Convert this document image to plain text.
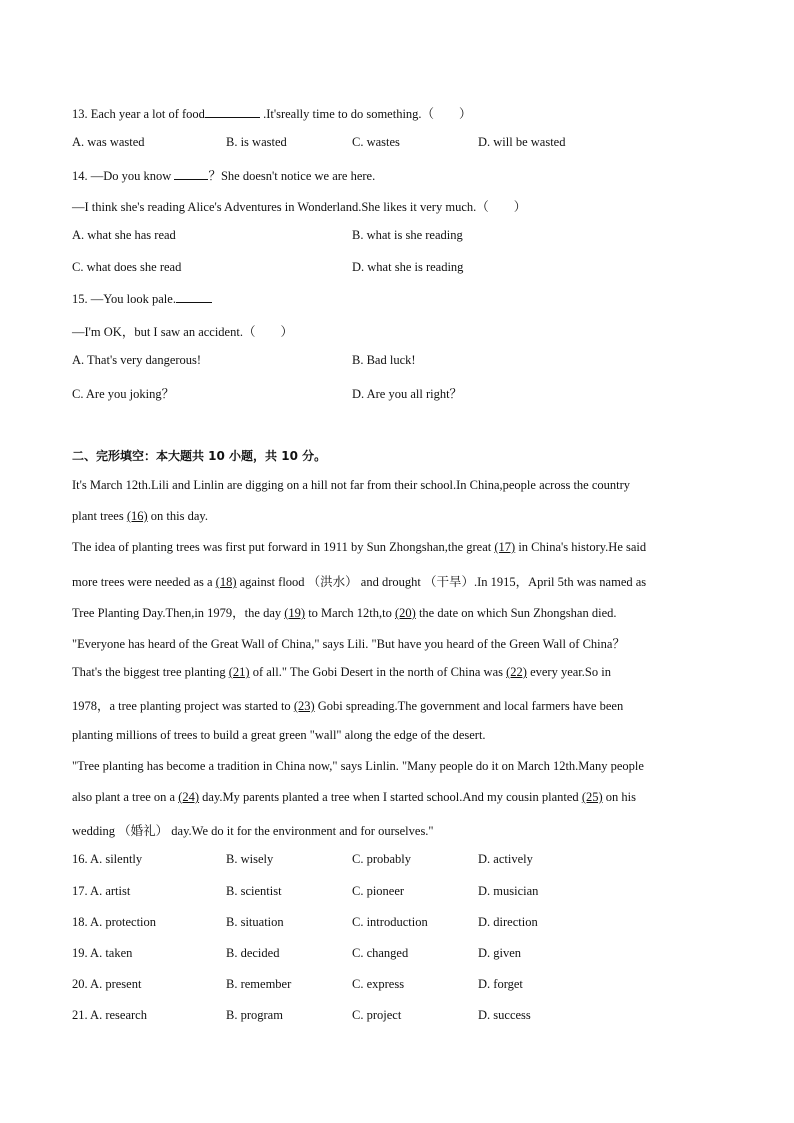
13. Each year a lot of food	.It'sreally time to do something.（　　）
A. was wasted	B. is wasted	C. wastes	D. will be wasted
14. —Do you know	？She doesn't notice we are here.
—I think she's reading Alice's Adventures in Wonderland.She likes it very much.（　　）
A. what she has read	B. what is she reading
C. what does she read	D. what she is reading
15. —You look pale.
—I'm OK，but I saw an accident.（　　）
A. That's very dangerous!	B. Bad luck!
C. Are you joking？	D. Are you all right？
二、完形填空：本大题共 10 小题，共 10 分。
It's March 12th.Lili and Linlin are digging on a hill not far from their school.In China,people across the country
plant trees (16) on this day.
The idea of planting trees was first put forward in 1911 by Sun Zhongshan,the great (17) in China's history.He said
more trees were needed as a (18) against flood （洪水） and drought （干旱）.In 1915，April 5th was named as
Tree Planting Day.Then,in 1979，the day (19) to March 12th,to (20) the date on which Sun Zhongshan died.
"Everyone has heard of the Great Wall of China," says Lili. "But have you heard of the Green Wall of China？
That's the biggest tree planting (21) of all." The Gobi Desert in the north of China was (22) every year.So in
1978，a tree planting project was started to (23) Gobi spreading.The government and local farmers have been
planting millions of trees to build a great green "wall" along the edge of the desert.
"Tree planting has become a tradition in China now," says Linlin. "Many people do it on March 12th.Many people
also plant a tree on a (24) day.My parents planted a tree when I started school.And my cousin planted (25) on his
wedding （婚礼） day.We do it for the environment and for ourselves."
16. A. silently	B. wisely	C. probably	D. actively
17. A. artist	B. scientist	C. pioneer	D. musician
18. A. protection	B. situation	C. introduction	D. direction
19. A. taken	B. decided	C. changed	D. given
20. A. present	B. remember	C. express	D. forget
21. A. research	B. program	C. project	D. success
